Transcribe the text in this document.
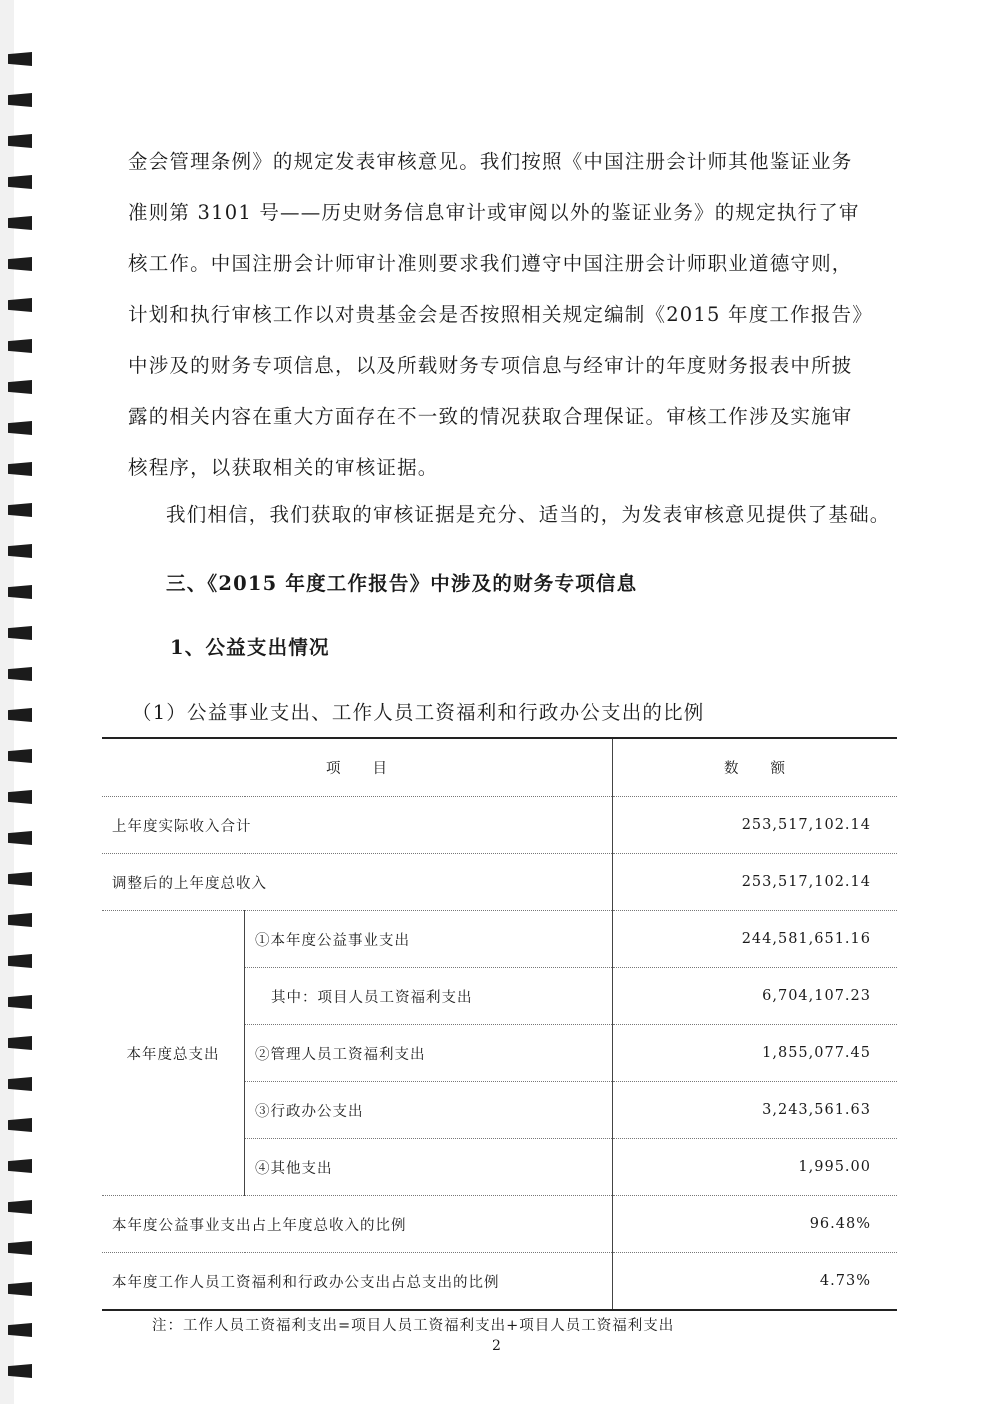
金会管理条例》的规定发表审核意见。我们按照《中国注册会计师其他鉴证业务
准则第 3101 号——历史财务信息审计或审阅以外的鉴证业务》的规定执行了审
核工作。中国注册会计师审计准则要求我们遵守中国注册会计师职业道德守则，
计划和执行审核工作以对贵基金会是否按照相关规定编制《2015 年度工作报告》
中涉及的财务专项信息，以及所载财务专项信息与经审计的年度财务报表中所披
露的相关内容在重大方面存在不一致的情况获取合理保证。审核工作涉及实施审
核程序，以获取相关的审核证据。

我们相信，我们获取的审核证据是充分、适当的，为发表审核意见提供了基础。
三、《2015 年度工作报告》中涉及的财务专项信息
1、公益支出情况
（1）公益事业支出、工作人员工资福利和行政办公支出的比例
项　　目		数　　额
上年度实际收入合计		253,517,102.14
调整后的上年度总收入		253,517,102.14
本年度总支出	①本年度公益事业支出	244,581,651.16
	其中：项目人员工资福利支出	6,704,107.23
	②管理人员工资福利支出	1,855,077.45
	③行政办公支出	3,243,561.63
	④其他支出	1,995.00
本年度公益事业支出占上年度总收入的比例		96.48%
本年度工作人员工资福利和行政办公支出占总支出的比例		4.73%
注：工作人员工资福利支出=项目人员工资福利支出+项目人员工资福利支出
2
